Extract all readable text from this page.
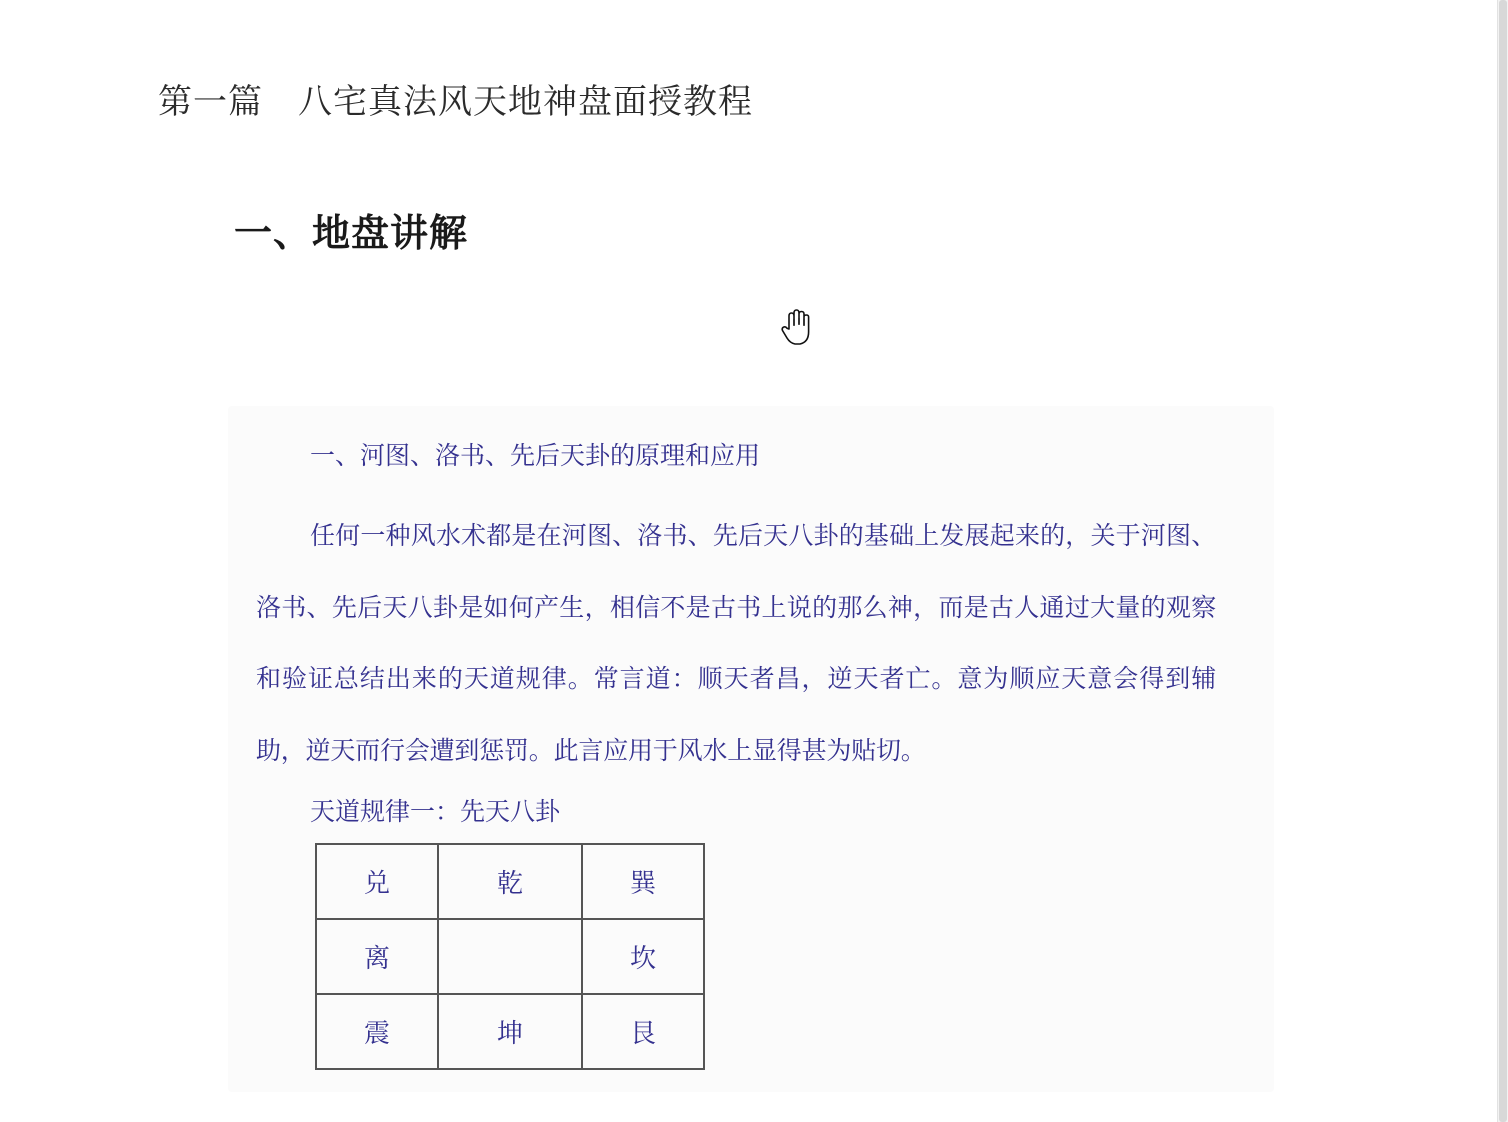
第一篇　八宅真法风天地神盘面授教程
一、地盘讲解
一、河图、洛书、先后天卦的原理和应用
任何一种风水术都是在河图、洛书、先后天八卦的基础上发展起来的，关于河图、洛书、先后天八卦是如何产生，相信不是古书上说的那么神，而是古人通过大量的观察和验证总结出来的天道规律。常言道：顺天者昌，逆天者亡。意为顺应天意会得到辅助，逆天而行会遭到惩罚。此言应用于风水上显得甚为贴切。
天道规律一：先天八卦
兑	乾	巽
离		坎
震	坤	艮
